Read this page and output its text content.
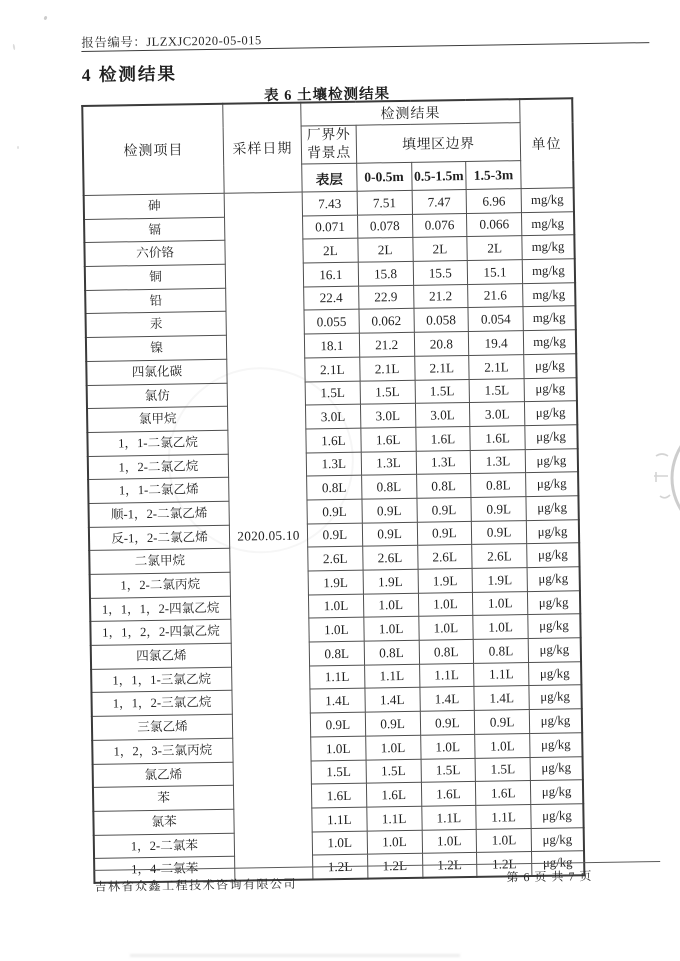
报告编号：JLZXJC2020-05-015
4 检测结果
表 6 土壤检测结果
检测项目	采样日期	检测结果				单位
		厂界外背景点	填埋区边界			
		表层	0-0.5m	0.5-1.5m	1.5-3m	
砷	2020.05.10	7.43	7.51	7.47	6.96	mg/kg
镉		0.071	0.078	0.076	0.066	mg/kg
六价铬		2L	2L	2L	2L	mg/kg
铜		16.1	15.8	15.5	15.1	mg/kg
铅		22.4	22.9	21.2	21.6	mg/kg
汞		0.055	0.062	0.058	0.054	mg/kg
镍		18.1	21.2	20.8	19.4	mg/kg
四氯化碳		2.1L	2.1L	2.1L	2.1L	μg/kg
氯仿		1.5L	1.5L	1.5L	1.5L	μg/kg
氯甲烷		3.0L	3.0L	3.0L	3.0L	μg/kg
1，1-二氯乙烷		1.6L	1.6L	1.6L	1.6L	μg/kg
1，2-二氯乙烷		1.3L	1.3L	1.3L	1.3L	μg/kg
1，1-二氯乙烯		0.8L	0.8L	0.8L	0.8L	μg/kg
顺-1，2-二氯乙烯		0.9L	0.9L	0.9L	0.9L	μg/kg
反-1，2-二氯乙烯		0.9L	0.9L	0.9L	0.9L	μg/kg
二氯甲烷		2.6L	2.6L	2.6L	2.6L	μg/kg
1，2-二氯丙烷		1.9L	1.9L	1.9L	1.9L	μg/kg
1，1，1，2-四氯乙烷		1.0L	1.0L	1.0L	1.0L	μg/kg
1，1，2，2-四氯乙烷		1.0L	1.0L	1.0L	1.0L	μg/kg
四氯乙烯		0.8L	0.8L	0.8L	0.8L	μg/kg
1，1，1-三氯乙烷		1.1L	1.1L	1.1L	1.1L	μg/kg
1，1，2-三氯乙烷		1.4L	1.4L	1.4L	1.4L	μg/kg
三氯乙烯		0.9L	0.9L	0.9L	0.9L	μg/kg
1，2，3-三氯丙烷		1.0L	1.0L	1.0L	1.0L	μg/kg
氯乙烯		1.5L	1.5L	1.5L	1.5L	μg/kg
苯		1.6L	1.6L	1.6L	1.6L	μg/kg
氯苯		1.1L	1.1L	1.1L	1.1L	μg/kg
1，2-二氯苯		1.0L	1.0L	1.0L	1.0L	μg/kg
1，4-二氯苯						μg/kg
吉林省众鑫工程技术咨询有限公司	第 6 页 共 7 页
